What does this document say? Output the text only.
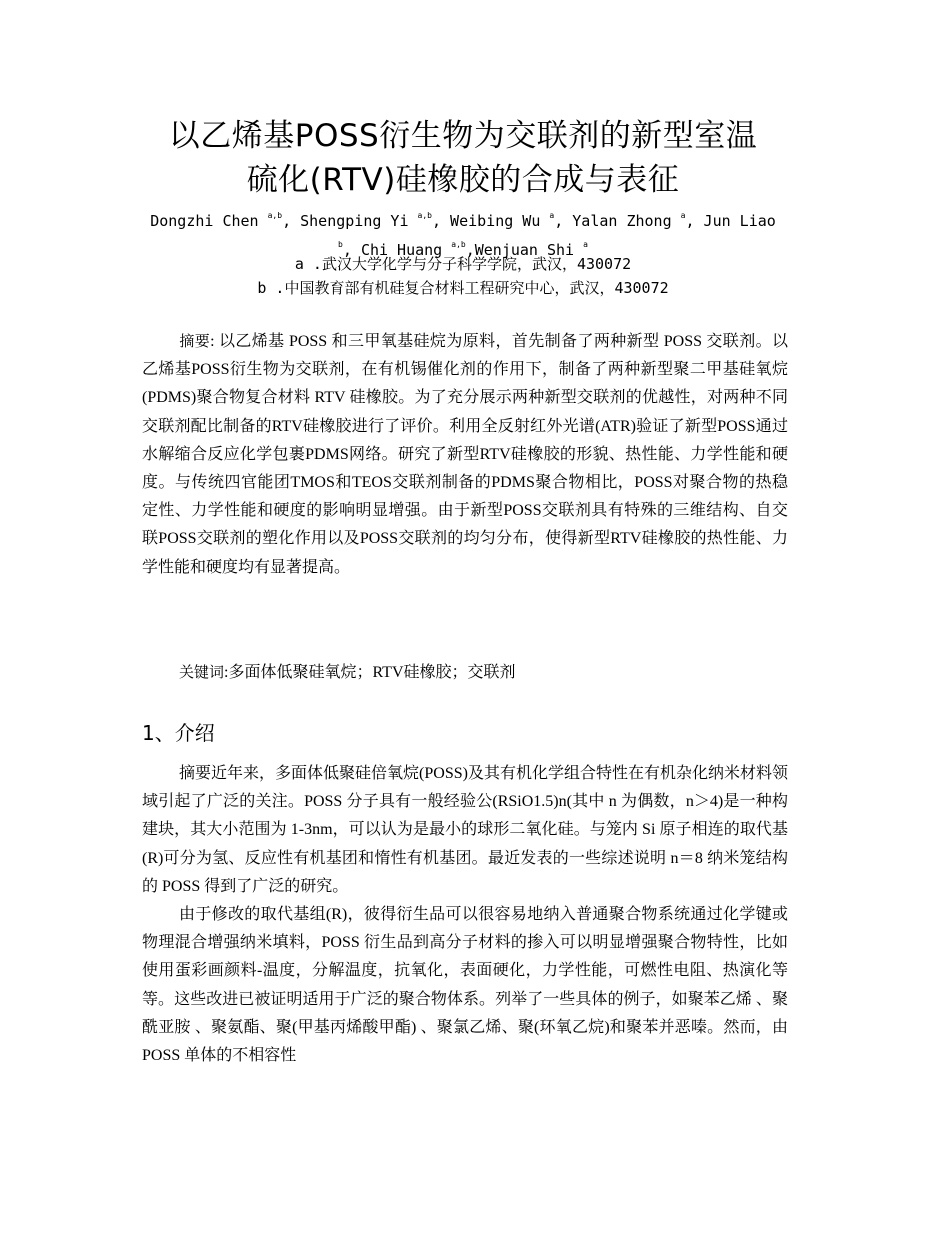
以乙烯基POSS衍生物为交联剂的新型室温
硫化(RTV)硅橡胶的合成与表征
Dongzhi Chen $^{a,b}$, Shengping Yi $^{a,b}$, Weibing Wu $^a$, Yalan Zhong $^a$, Jun Liao
$^b$, Chi Huang $^{a,b}$,Wenjuan Shi $^a$
a .武汉大学化学与分子科学学院，武汉，430072
b .中国教育部有机硅复合材料工程研究中心，武汉，430072
摘要: 以乙烯基 POSS 和三甲氧基硅烷为原料，首先制备了两种新型 POSS 交联剂。以乙烯基POSS衍生物为交联剂，在有机锡催化剂的作用下，制备了两种新型聚二甲基硅氧烷(PDMS)聚合物复合材料 RTV 硅橡胶。为了充分展示两种新型交联剂的优越性，对两种不同交联剂配比制备的RTV硅橡胶进行了评价。利用全反射红外光谱(ATR)验证了新型POSS通过水解缩合反应化学包裹PDMS网络。研究了新型RTV硅橡胶的形貌、热性能、力学性能和硬度。与传统四官能团TMOS和TEOS交联剂制备的PDMS聚合物相比，POSS对聚合物的热稳定性、力学性能和硬度的影响明显增强。由于新型POSS交联剂具有特殊的三维结构、自交联POSS交联剂的塑化作用以及POSS交联剂的均匀分布，使得新型RTV硅橡胶的热性能、力学性能和硬度均有显著提高。
关键词:多面体低聚硅氧烷；RTV硅橡胶；交联剂
1、介绍

摘要近年来，多面体低聚硅倍氧烷(POSS)及其有机化学组合特性在有机杂化纳米材料领域引起了广泛的关注。POSS 分子具有一般经验公(RSiO1.5)n(其中 n 为偶数，n＞4)是一种构建块，其大小范围为 1-3nm，可以认为是最小的球形二氧化硅。与笼内 Si 原子相连的取代基(R)可分为氢、反应性有机基团和惰性有机基团。最近发表的一些综述说明 n＝8 纳米笼结构的 POSS 得到了广泛的研究。

由于修改的取代基组(R)，彼得衍生品可以很容易地纳入普通聚合物系统通过化学键或物理混合增强纳米填料，POSS 衍生品到高分子材料的掺入可以明显增强聚合物特性，比如使用蛋彩画颜料-温度，分解温度，抗氧化，表面硬化，力学性能，可燃性电阻、热演化等等。这些改进已被证明适用于广泛的聚合物体系。列举了一些具体的例子，如聚苯乙烯 、聚酰亚胺 、聚氨酯、聚(甲基丙烯酸甲酯) 、聚氯乙烯、聚(环氧乙烷)和聚苯并恶嗪。然而，由 POSS 单体的不相容性
